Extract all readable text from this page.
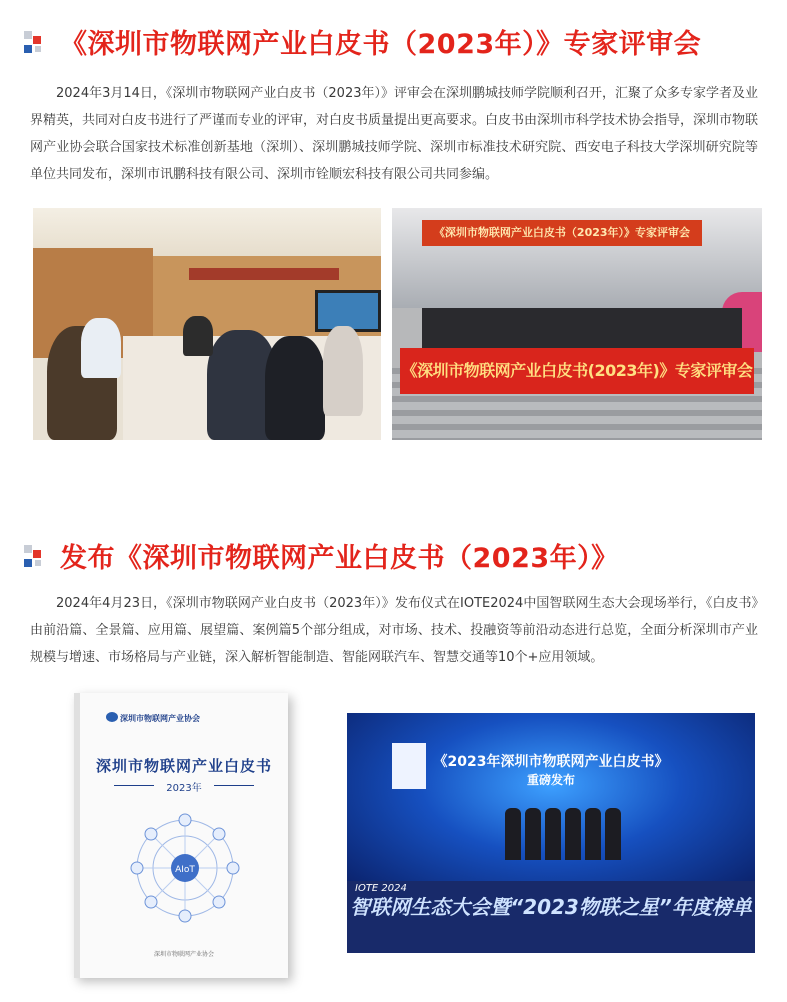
《深圳市物联网产业白皮书（2023年）》专家评审会

2024年3月14日，《深圳市物联网产业白皮书（2023年）》评审会在深圳鹏城技师学院顺利召开，汇聚了众多专家学者及业界精英，共同对白皮书进行了严谨而专业的评审，对白皮书质量提出更高要求。白皮书由深圳市科学技术协会指导，深圳市物联网产业协会联合国家技术标准创新基地（深圳）、深圳鹏城技师学院、深圳市标准技术研究院、西安电子科技大学深圳研究院等单位共同发布，深圳市讯鹏科技有限公司、深圳市铨顺宏科技有限公司共同参编。

《深圳市物联网产业白皮书（2023年）》专家评审会
《深圳市物联网产业白皮书(2023年)》专家评审会
发布《深圳市物联网产业白皮书（2023年）》

2024年4月23日，《深圳市物联网产业白皮书（2023年）》发布仪式在IOTE2024中国智联网生态大会现场举行，《白皮书》由前沿篇、全景篇、应用篇、展望篇、案例篇5个部分组成，对市场、技术、投融资等前沿动态进行总览，全面分析深圳市产业规模与增速、市场格局与产业链，深入解析智能制造、智能网联汽车、智慧交通等10个+应用领域。

深圳市物联网产业协会
深圳市物联网产业白皮书
2023年
AIoT
深圳市物联网产业协会
《2023年深圳市物联网产业白皮书》
重磅发布
IOTE 2024
智联网生态大会暨“2023物联之星”年度榜单
